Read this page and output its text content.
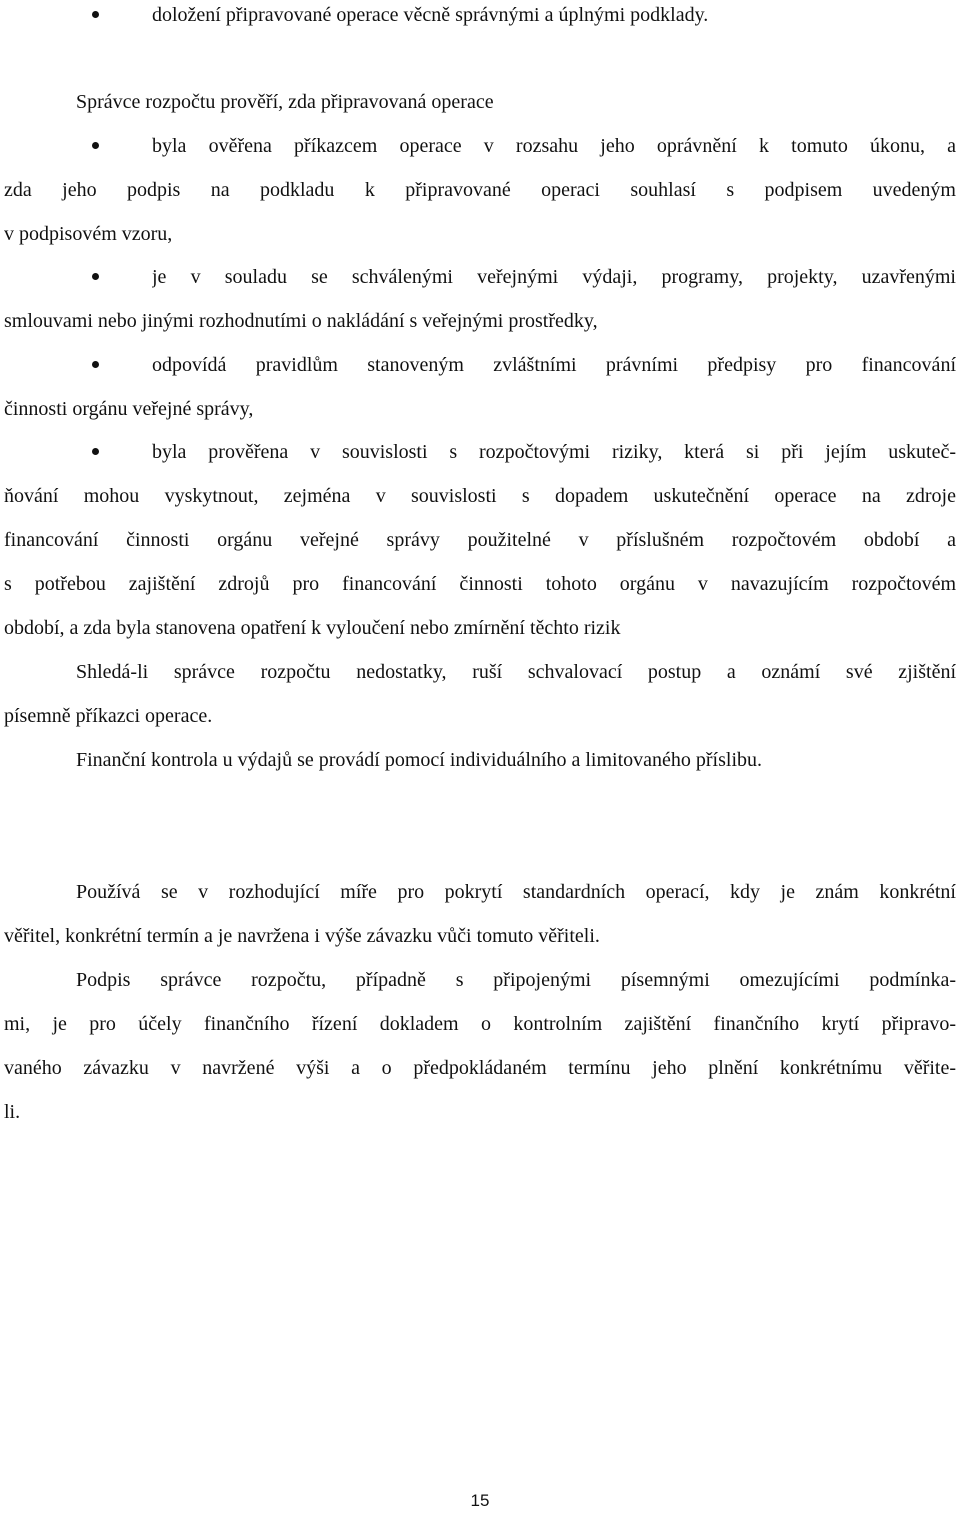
doložení připravované operace věcně správnými a úplnými podklady.
Správce rozpočtu prověří, zda připravovaná operace
byla ověřena příkazcem operace v rozsahu jeho oprávnění k tomuto úkonu, a
zda jeho podpis na podkladu k připravované operaci souhlasí s podpisem uvedeným
v podpisovém vzoru,
je v souladu se schválenými veřejnými výdaji, programy, projekty, uzavřenými
smlouvami nebo jinými rozhodnutími o nakládání s veřejnými prostředky,
odpovídá pravidlům stanoveným zvláštními právními předpisy pro financování
činnosti orgánu veřejné správy,
byla prověřena v souvislosti s rozpočtovými riziky, která si při jejím uskuteč-
ňování mohou vyskytnout, zejména v souvislosti s dopadem uskutečnění operace na zdroje
financování činnosti orgánu veřejné správy použitelné v příslušném rozpočtovém období a
s potřebou zajištění zdrojů pro financování činnosti tohoto orgánu v navazujícím rozpočtovém
období, a zda byla stanovena opatření k vyloučení nebo zmírnění těchto rizik
Shledá-li správce rozpočtu nedostatky, ruší schvalovací postup a oznámí své zjištění
písemně příkazci operace.
Finanční kontrola u výdajů se provádí pomocí individuálního a limitovaného příslibu.
Používá se v rozhodující míře pro pokrytí standardních operací, kdy je znám konkrétní
věřitel, konkrétní termín a je navržena i výše závazku vůči tomuto věřiteli.
Podpis správce rozpočtu, případně s připojenými písemnými omezujícími podmínka-
mi, je pro účely finančního řízení dokladem o kontrolním zajištění finančního krytí připravo-
vaného závazku v navržené výši a o předpokládaném termínu jeho plnění konkrétnímu věřite-
li.
15
